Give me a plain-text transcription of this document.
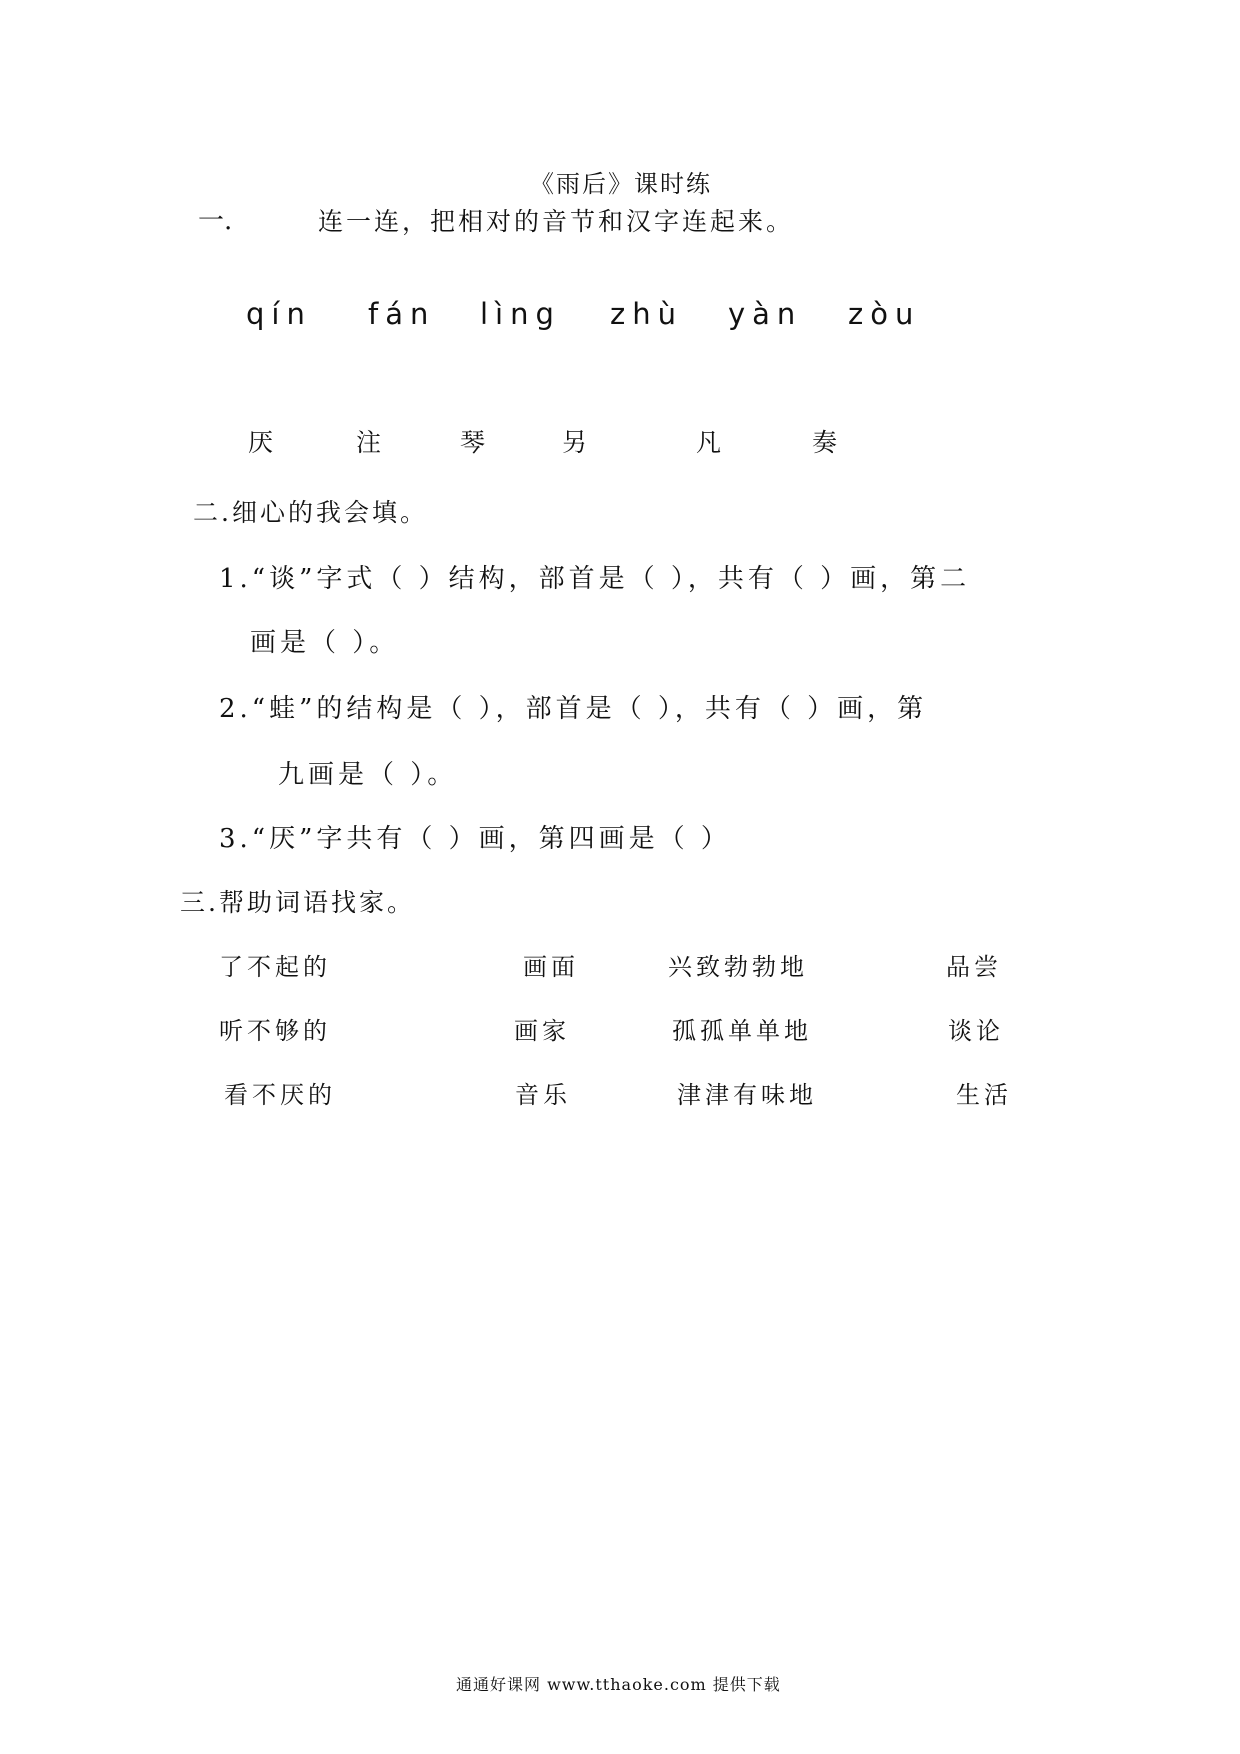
《雨后》课时练
一.	连一连，把相对的音节和汉字连起来。
qín fán lìng zhù yàn zòu
厌	注	琴	另	凡	奏
二.细心的我会填。
1.“谈”字式（ ）结构，部首是（ ），共有（ ）画，第二
画是（ ）。
2.“蛙”的结构是（ ），部首是（ ），共有（ ）画，第
九画是（ ）。
3.“厌”字共有（ ）画，第四画是（ ）
三.帮助词语找家。
了不起的	画面	兴致勃勃地	品尝
听不够的	画家	孤孤单单地	谈论
看不厌的	音乐	津津有味地	生活
通通好课网 www.tthaoke.com 提供下载
